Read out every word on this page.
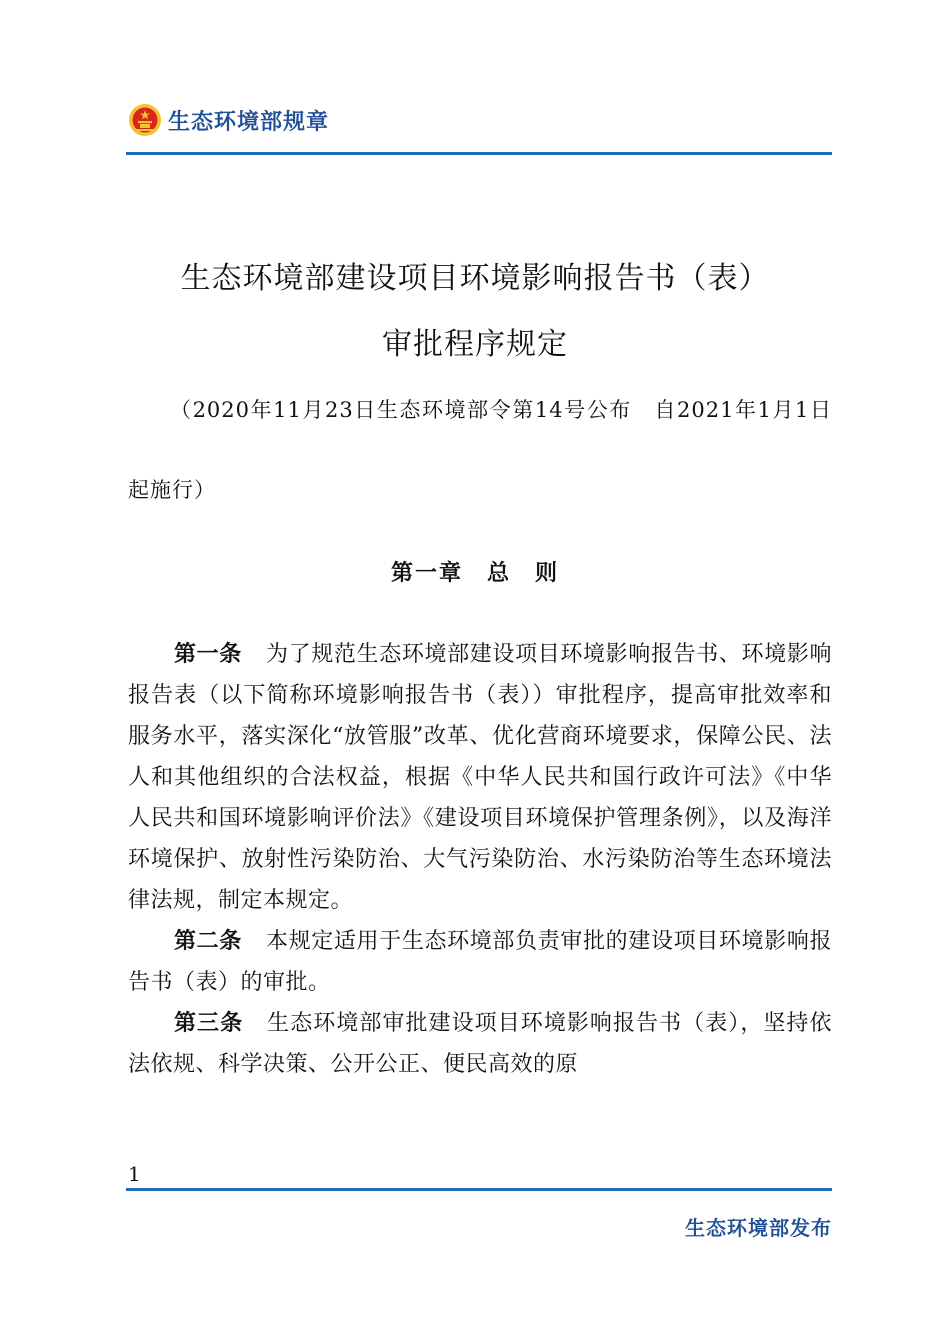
生态环境部规章
生态环境部建设项目环境影响报告书（表）
审批程序规定
（2020年11月23日生态环境部令第14号公布　自2021年1月1日起施行）
第一章　总　则

第一条 为了规范生态环境部建设项目环境影响报告书、环境影响报告表（以下简称环境影响报告书（表））审批程序，提高审批效率和服务水平，落实深化“放管服”改革、优化营商环境要求，保障公民、法人和其他组织的合法权益，根据《中华人民共和国行政许可法》《中华人民共和国环境影响评价法》《建设项目环境保护管理条例》，以及海洋环境保护、放射性污染防治、大气污染防治、水污染防治等生态环境法律法规，制定本规定。

第二条 本规定适用于生态环境部负责审批的建设项目环境影响报告书（表）的审批。

第三条 生态环境部审批建设项目环境影响报告书（表），坚持依法依规、科学决策、公开公正、便民高效的原

1
生态环境部发布
